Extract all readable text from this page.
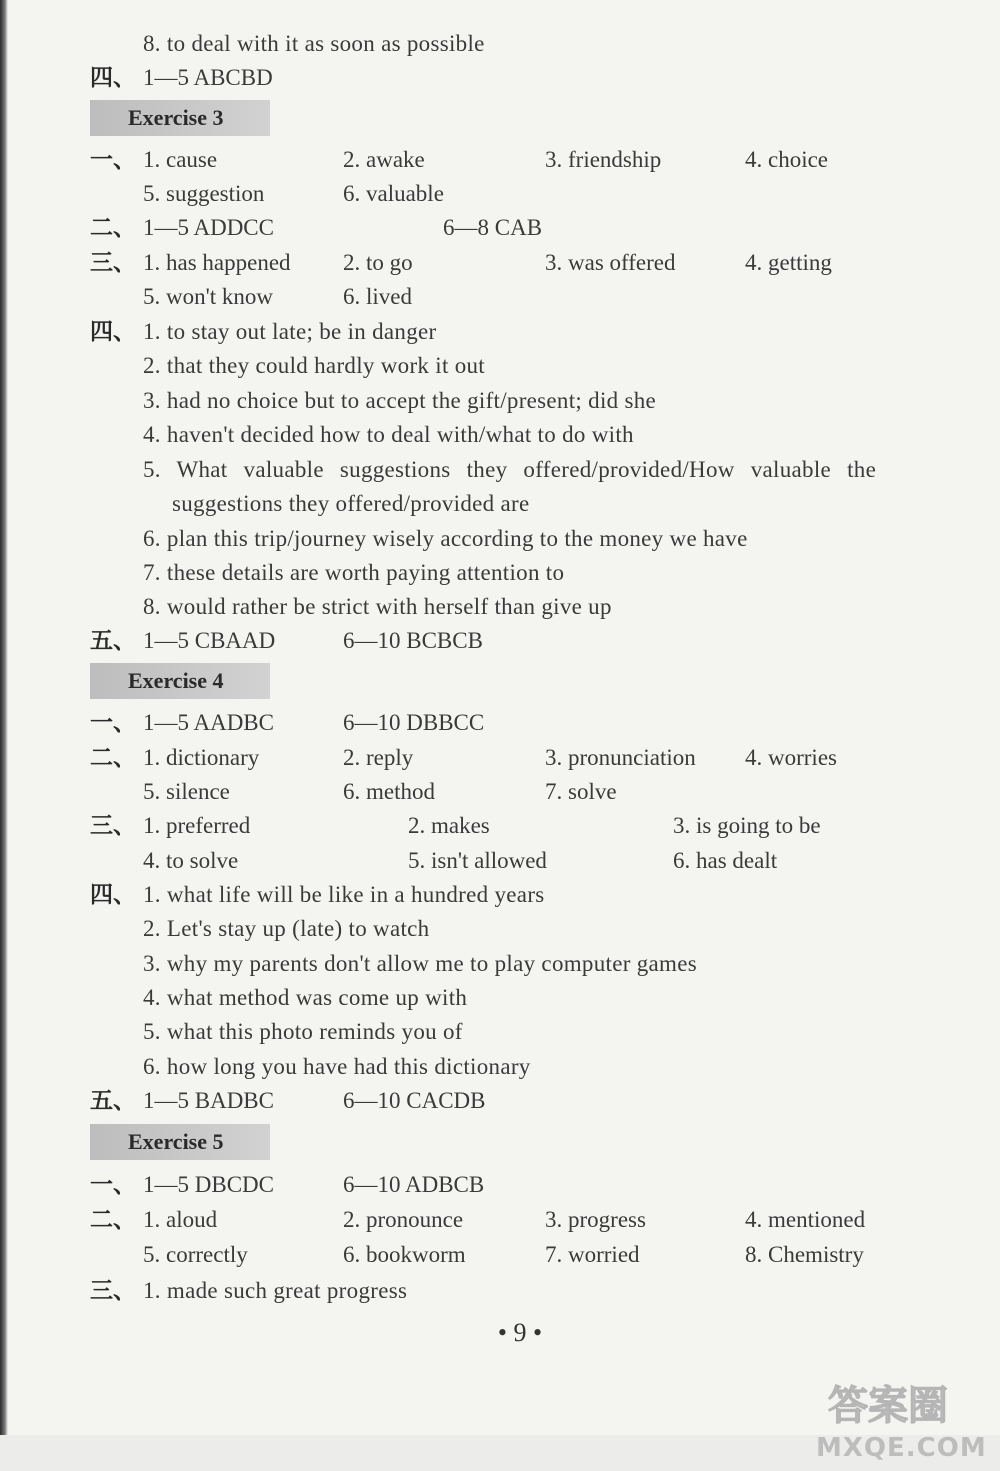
8. to deal with it as soon as possible
四、 1—5 ABCBD
Exercise 3
一、 1. cause	2. awake	3. friendship	4. choice
5. suggestion	6. valuable
二、 1—5 ADDCC	6—8 CAB
三、 1. has happened 2. to go	3. was offered	4. getting
5. won't know	6. lived
四、 1. to stay out late; be in danger
2. that they could hardly work it out
3. had no choice but to accept the gift/present; did she
4. haven't decided how to deal with/what to do with
5. What valuable suggestions they offered/provided/How valuable the
suggestions they offered/provided are
6. plan this trip/journey wisely according to the money we have
7. these details are worth paying attention to
8. would rather be strict with herself than give up
五、 1—5 CBAAD	6—10 BCBCB
Exercise 4
一、 1—5 AADBC	6—10 DBBCC
二、 1. dictionary	2. reply	3. pronunciation 4. worries
5. silence	6. method	7. solve
三、 1. preferred	2. makes	3. is going to be
4. to solve	5. isn't allowed	6. has dealt
四、 1. what life will be like in a hundred years
2. Let's stay up (late) to watch
3. why my parents don't allow me to play computer games
4. what method was come up with
5. what this photo reminds you of
6. how long you have had this dictionary
五、 1—5 BADBC	6—10 CACDB
Exercise 5
一、 1—5 DBCDC	6—10 ADBCB
二、 1. aloud	2. pronounce	3. progress	4. mentioned
5. correctly	6. bookworm	7. worried	8. Chemistry
三、 1. made such great progress
• 9 •
答案圈
MXQE.COM
